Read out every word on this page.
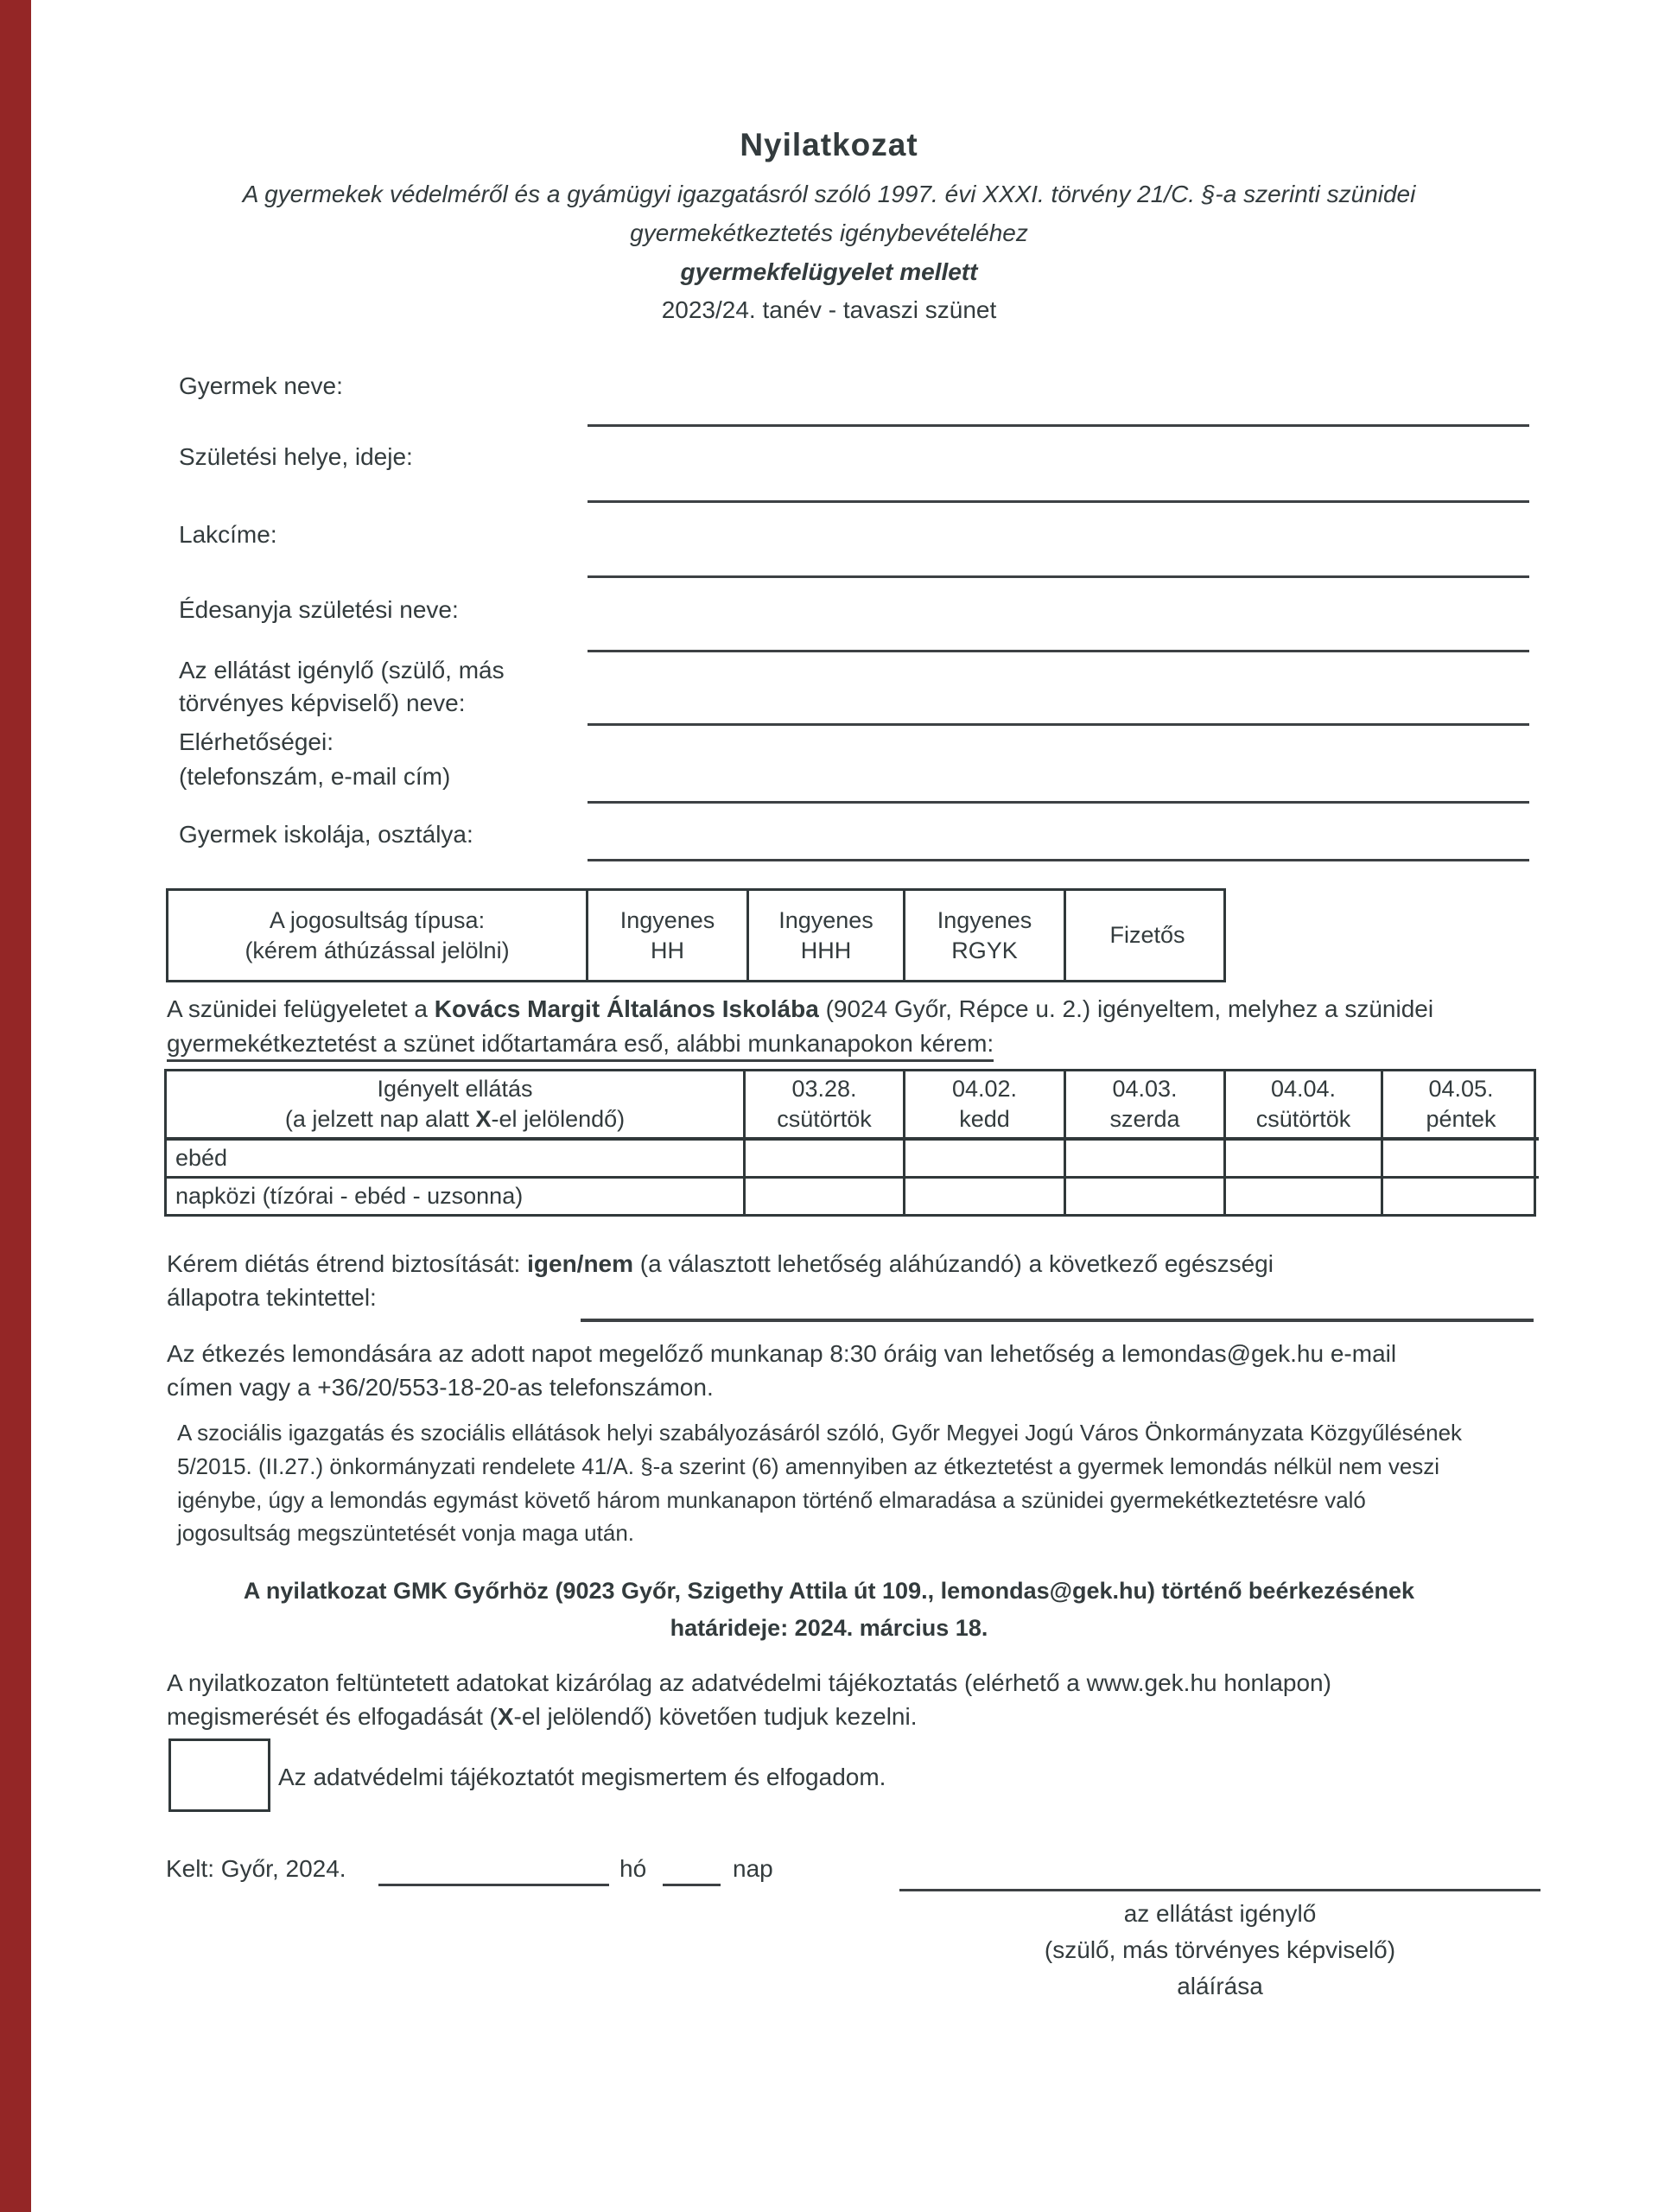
Nyilatkozat
A gyermekek védelméről és a gyámügyi igazgatásról szóló 1997. évi XXXI. törvény 21/C. §-a szerinti szünidei
gyermekétkeztetés igénybevételéhez
gyermekfelügyelet mellett
2023/24. tanév - tavaszi szünet
Gyermek neve:
Születési helye, ideje:
Lakcíme:
Édesanyja születési neve:
Az ellátást igénylő (szülő, más
törvényes képviselő) neve:
Elérhetőségei:
(telefonszám, e-mail cím)
Gyermek iskolája, osztálya:
A jogosultság típusa:
(kérem áthúzással jelölni)
Ingyenes
HH
Ingyenes
HHH
Ingyenes
RGYK
Fizetős
A szünidei felügyeletet a Kovács Margit Általános Iskolába (9024 Győr, Répce u. 2.) igényeltem, melyhez a szünidei
gyermekétkeztetést a szünet időtartamára eső, alábbi munkanapokon kérem:
Igényelt ellátás
(a jelzett nap alatt X-el jelölendő)
03.28.
csütörtök
04.02.
kedd
04.03.
szerda
04.04.
csütörtök
04.05.
péntek
ebéd
napközi (tízórai - ebéd - uzsonna)
Kérem diétás étrend biztosítását: igen/nem (a választott lehetőség aláhúzandó) a következő egészségi
állapotra tekintettel:
Az étkezés lemondására az adott napot megelőző munkanap 8:30 óráig van lehetőség a lemondas@gek.hu e-mail
címen vagy a +36/20/553-18-20-as telefonszámon.
A szociális igazgatás és szociális ellátások helyi szabályozásáról szóló, Győr Megyei Jogú Város Önkormányzata Közgyűlésének
5/2015. (II.27.) önkormányzati rendelete 41/A. §-a szerint (6) amennyiben az étkeztetést a gyermek lemondás nélkül nem veszi
igénybe, úgy a lemondás egymást követő három munkanapon történő elmaradása a szünidei gyermekétkeztetésre való
jogosultság megszüntetését vonja maga után.
A nyilatkozat GMK Győrhöz (9023 Győr, Szigethy Attila út 109., lemondas@gek.hu) történő beérkezésének
határideje: 2024. március 18.
A nyilatkozaton feltüntetett adatokat kizárólag az adatvédelmi tájékoztatás (elérhető a www.gek.hu honlapon)
megismerését és elfogadását (X-el jelölendő) követően tudjuk kezelni.
Az adatvédelmi tájékoztatót megismertem és elfogadom.
Kelt: Győr, 2024.	hó	nap
az ellátást igénylő
(szülő, más törvényes képviselő)
aláírása
